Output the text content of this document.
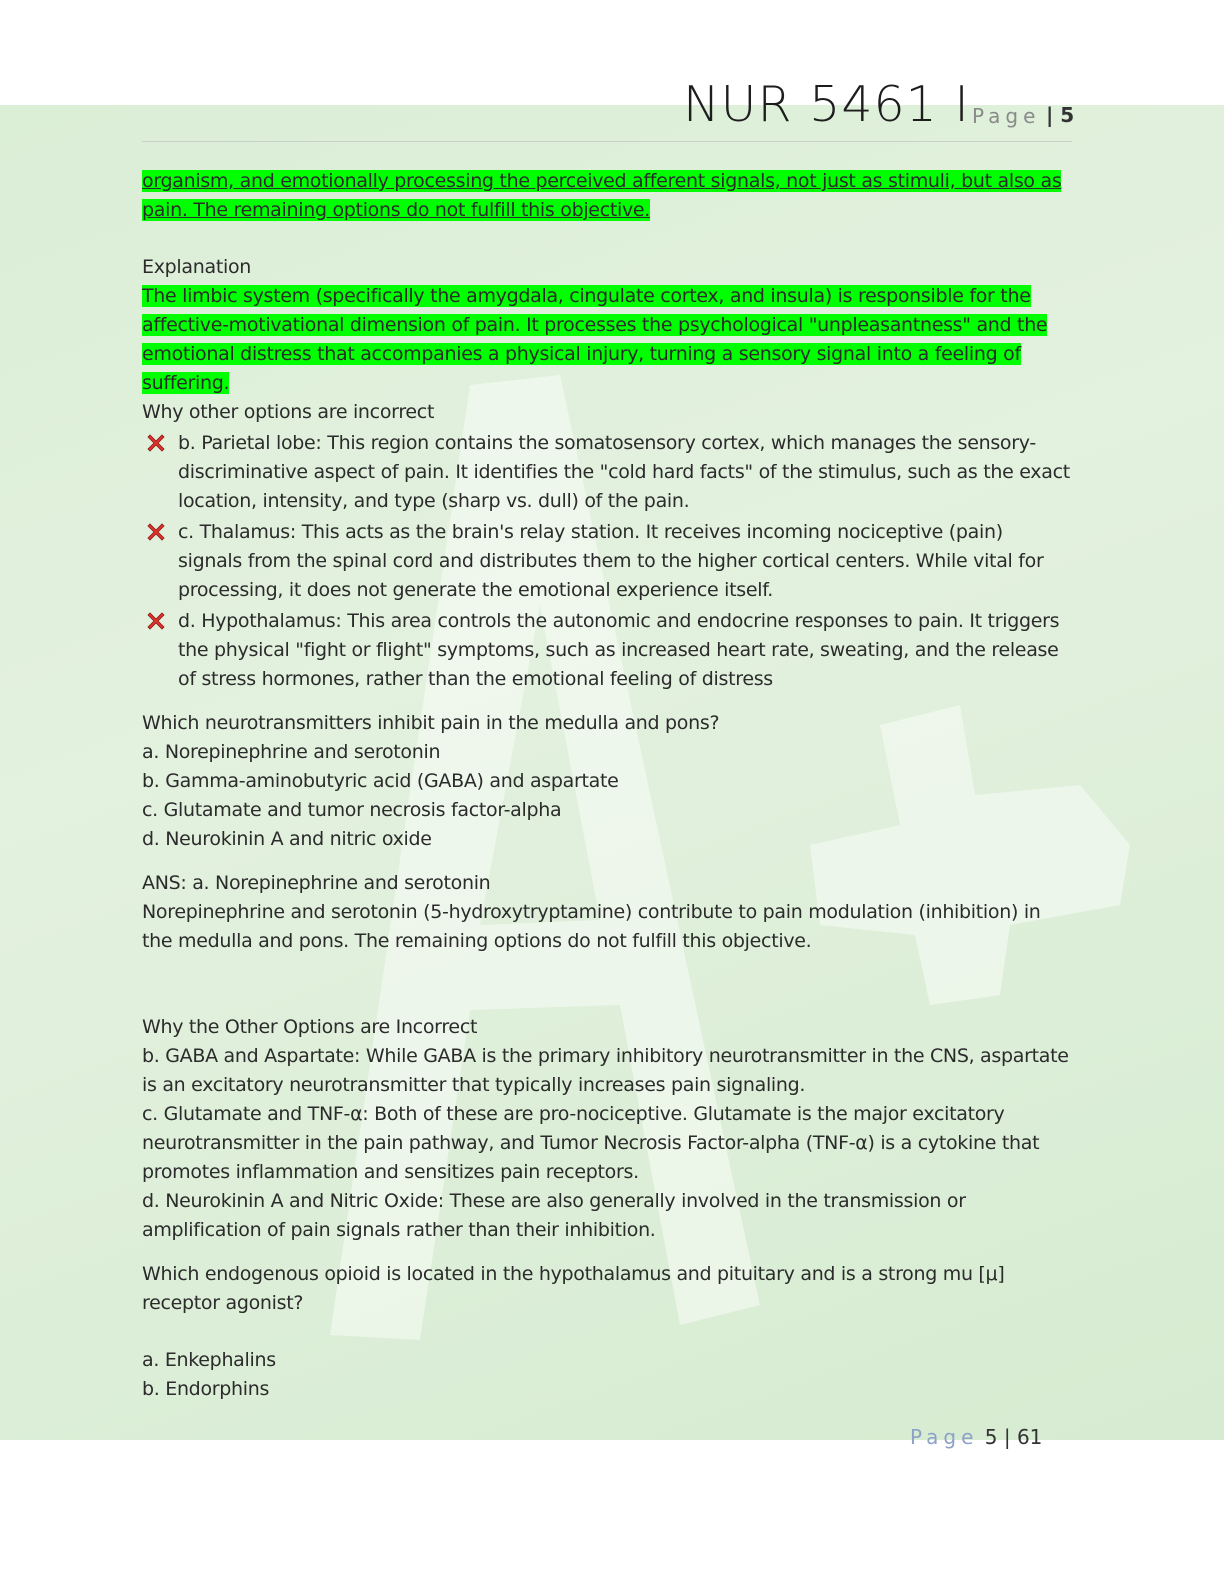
NUR 5461 I Page | 5

organism, and emotionally processing the perceived afferent signals, not just as stimuli, but also as
pain. The remaining options do not fulfill this objective.

Explanation

The limbic system (specifically the amygdala, cingulate cortex, and insula) is responsible for the
affective-motivational dimension of pain. It processes the psychological "unpleasantness" and the
emotional distress that accompanies a physical injury, turning a sensory signal into a feeling of
suffering.

Why other options are incorrect

b. Parietal lobe: This region contains the somatosensory cortex, which manages the sensory-discriminative aspect of pain. It identifies the "cold hard facts" of the stimulus, such as the exact location, intensity, and type (sharp vs. dull) of the pain.

c. Thalamus: This acts as the brain's relay station. It receives incoming nociceptive (pain) signals from the spinal cord and distributes them to the higher cortical centers. While vital for processing, it does not generate the emotional experience itself.

d. Hypothalamus: This area controls the autonomic and endocrine responses to pain. It triggers the physical "fight or flight" symptoms, such as increased heart rate, sweating, and the release of stress hormones, rather than the emotional feeling of distress

Which neurotransmitters inhibit pain in the medulla and pons?

a. Norepinephrine and serotonin

b. Gamma-aminobutyric acid (GABA) and aspartate

c. Glutamate and tumor necrosis factor-alpha

d. Neurokinin A and nitric oxide

ANS: a. Norepinephrine and serotonin

Norepinephrine and serotonin (5-hydroxytryptamine) contribute to pain modulation (inhibition) in the medulla and pons. The remaining options do not fulfill this objective.

Why the Other Options are Incorrect

b. GABA and Aspartate: While GABA is the primary inhibitory neurotransmitter in the CNS, aspartate is an excitatory neurotransmitter that typically increases pain signaling.

c. Glutamate and TNF-α: Both of these are pro-nociceptive. Glutamate is the major excitatory neurotransmitter in the pain pathway, and Tumor Necrosis Factor-alpha (TNF-α) is a cytokine that promotes inflammation and sensitizes pain receptors.

d. Neurokinin A and Nitric Oxide: These are also generally involved in the transmission or amplification of pain signals rather than their inhibition.

Which endogenous opioid is located in the hypothalamus and pituitary and is a strong mu [μ] receptor agonist?

a. Enkephalins

b. Endorphins

Page 5 | 61
